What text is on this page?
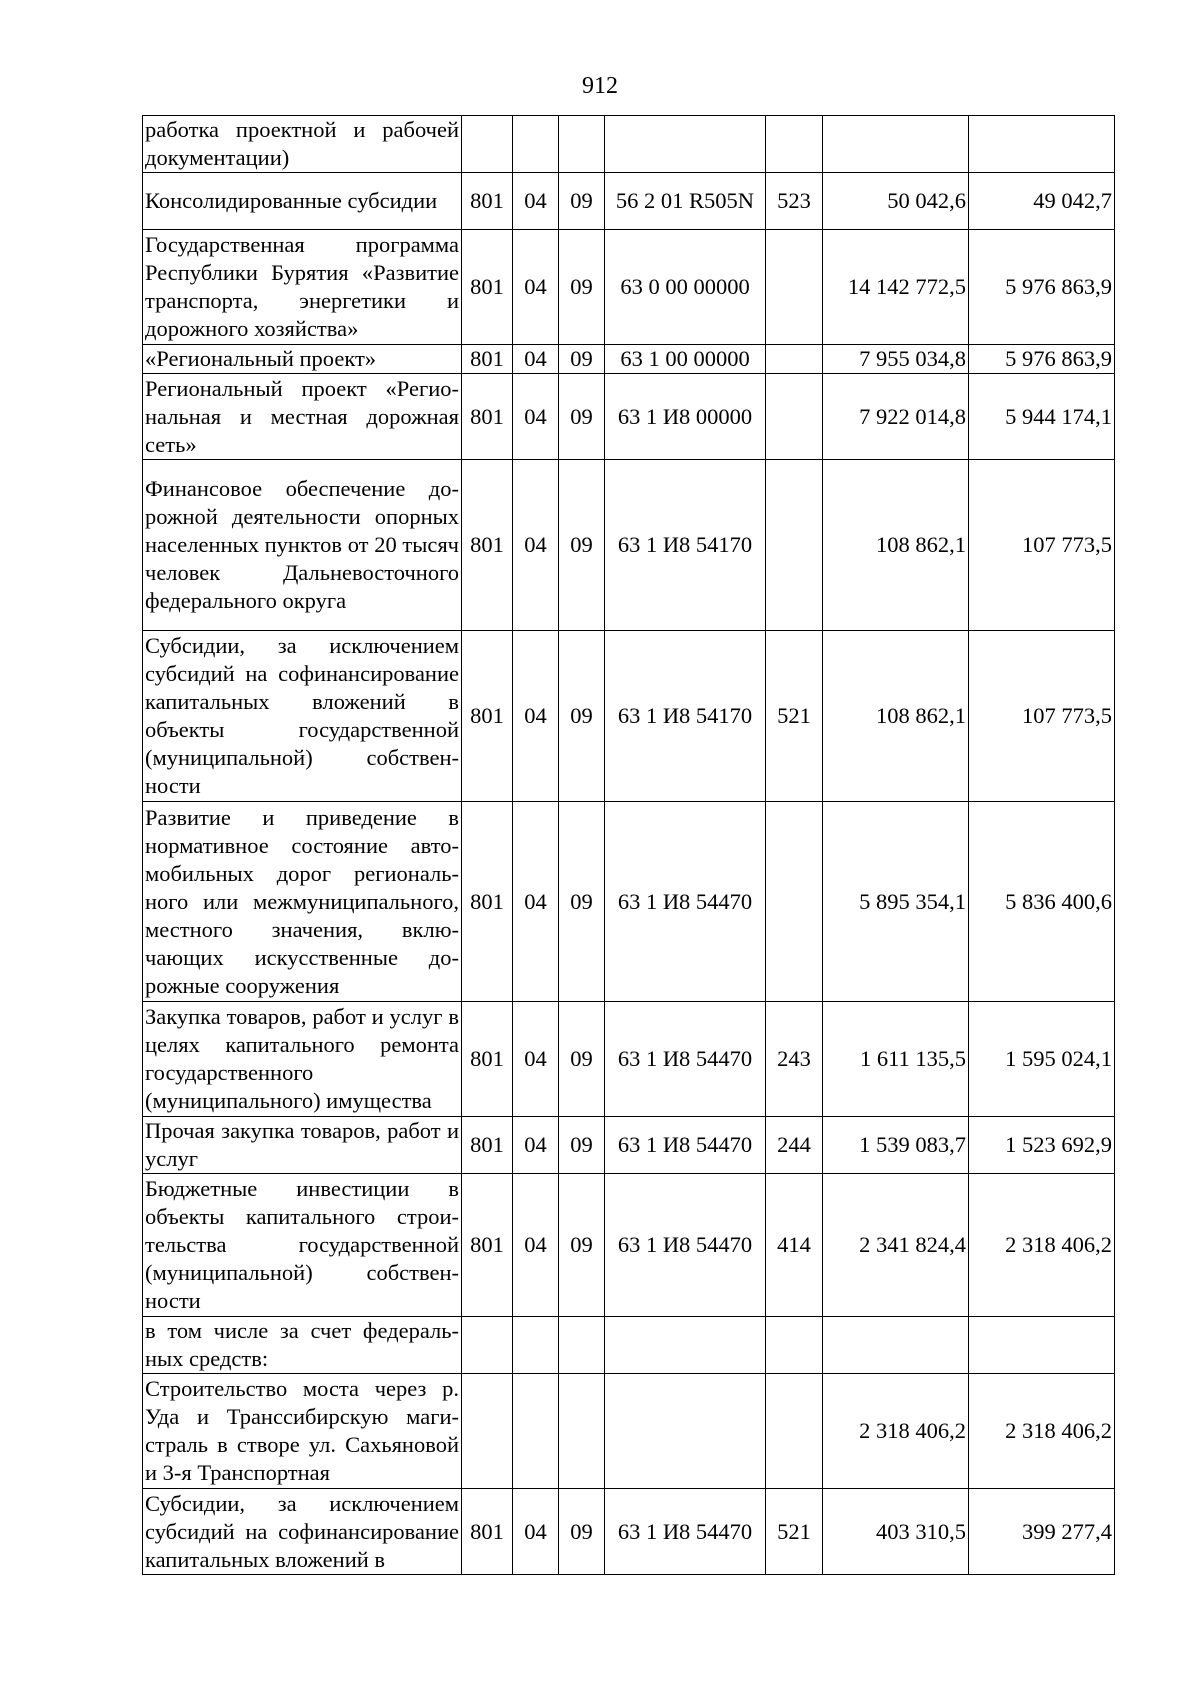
912
работка проектной и рабочей документации)							
Консолидированные субсидии	801	04	09	56 2 01 R505N	523	50 042,6	49 042,7
Государственная программа Республики Бурятия «Развитие транспорта, энергетики и дорожного хозяйства»	801	04	09	63 0 00 00000		14 142 772,5	5 976 863,9
«Региональный проект»	801	04	09	63 1 00 00000		7 955 034,8	5 976 863,9
Региональный проект «Региональная и местная дорожная сеть»	801	04	09	63 1 И8 00000		7 922 014,8	5 944 174,1
Финансовое обеспечение дорожной деятельности опорных населенных пунктов от 20 тысяч человек Дальневосточного федерального округа	801	04	09	63 1 И8 54170		108 862,1	107 773,5
Субсидии, за исключением субсидий на софинансирование капитальных вложений в объекты государственной (муниципальной) собственности	801	04	09	63 1 И8 54170	521	108 862,1	107 773,5
Развитие и приведение в нормативное состояние автомобильных дорог регионального или межмуниципального, местного значения, включающих искусственные дорожные сооружения	801	04	09	63 1 И8 54470		5 895 354,1	5 836 400,6
Закупка товаров, работ и услуг в целях капитального ремонта государственного (муниципального) имущества	801	04	09	63 1 И8 54470	243	1 611 135,5	1 595 024,1
Прочая закупка товаров, работ и услуг	801	04	09	63 1 И8 54470	244	1 539 083,7	1 523 692,9
Бюджетные инвестиции в объекты капитального строительства государственной (муниципальной) собственности	801	04	09	63 1 И8 54470	414	2 341 824,4	2 318 406,2
в том числе за счет федеральных средств:							
Строительство моста через р. Уда и Транссибирскую магистраль в створе ул. Сахьяновой и 3-я Транспортная						2 318 406,2	2 318 406,2
Субсидии, за исключением субсидий на софинансирование капитальных вложений в	801	04	09	63 1 И8 54470	521	403 310,5	399 277,4
